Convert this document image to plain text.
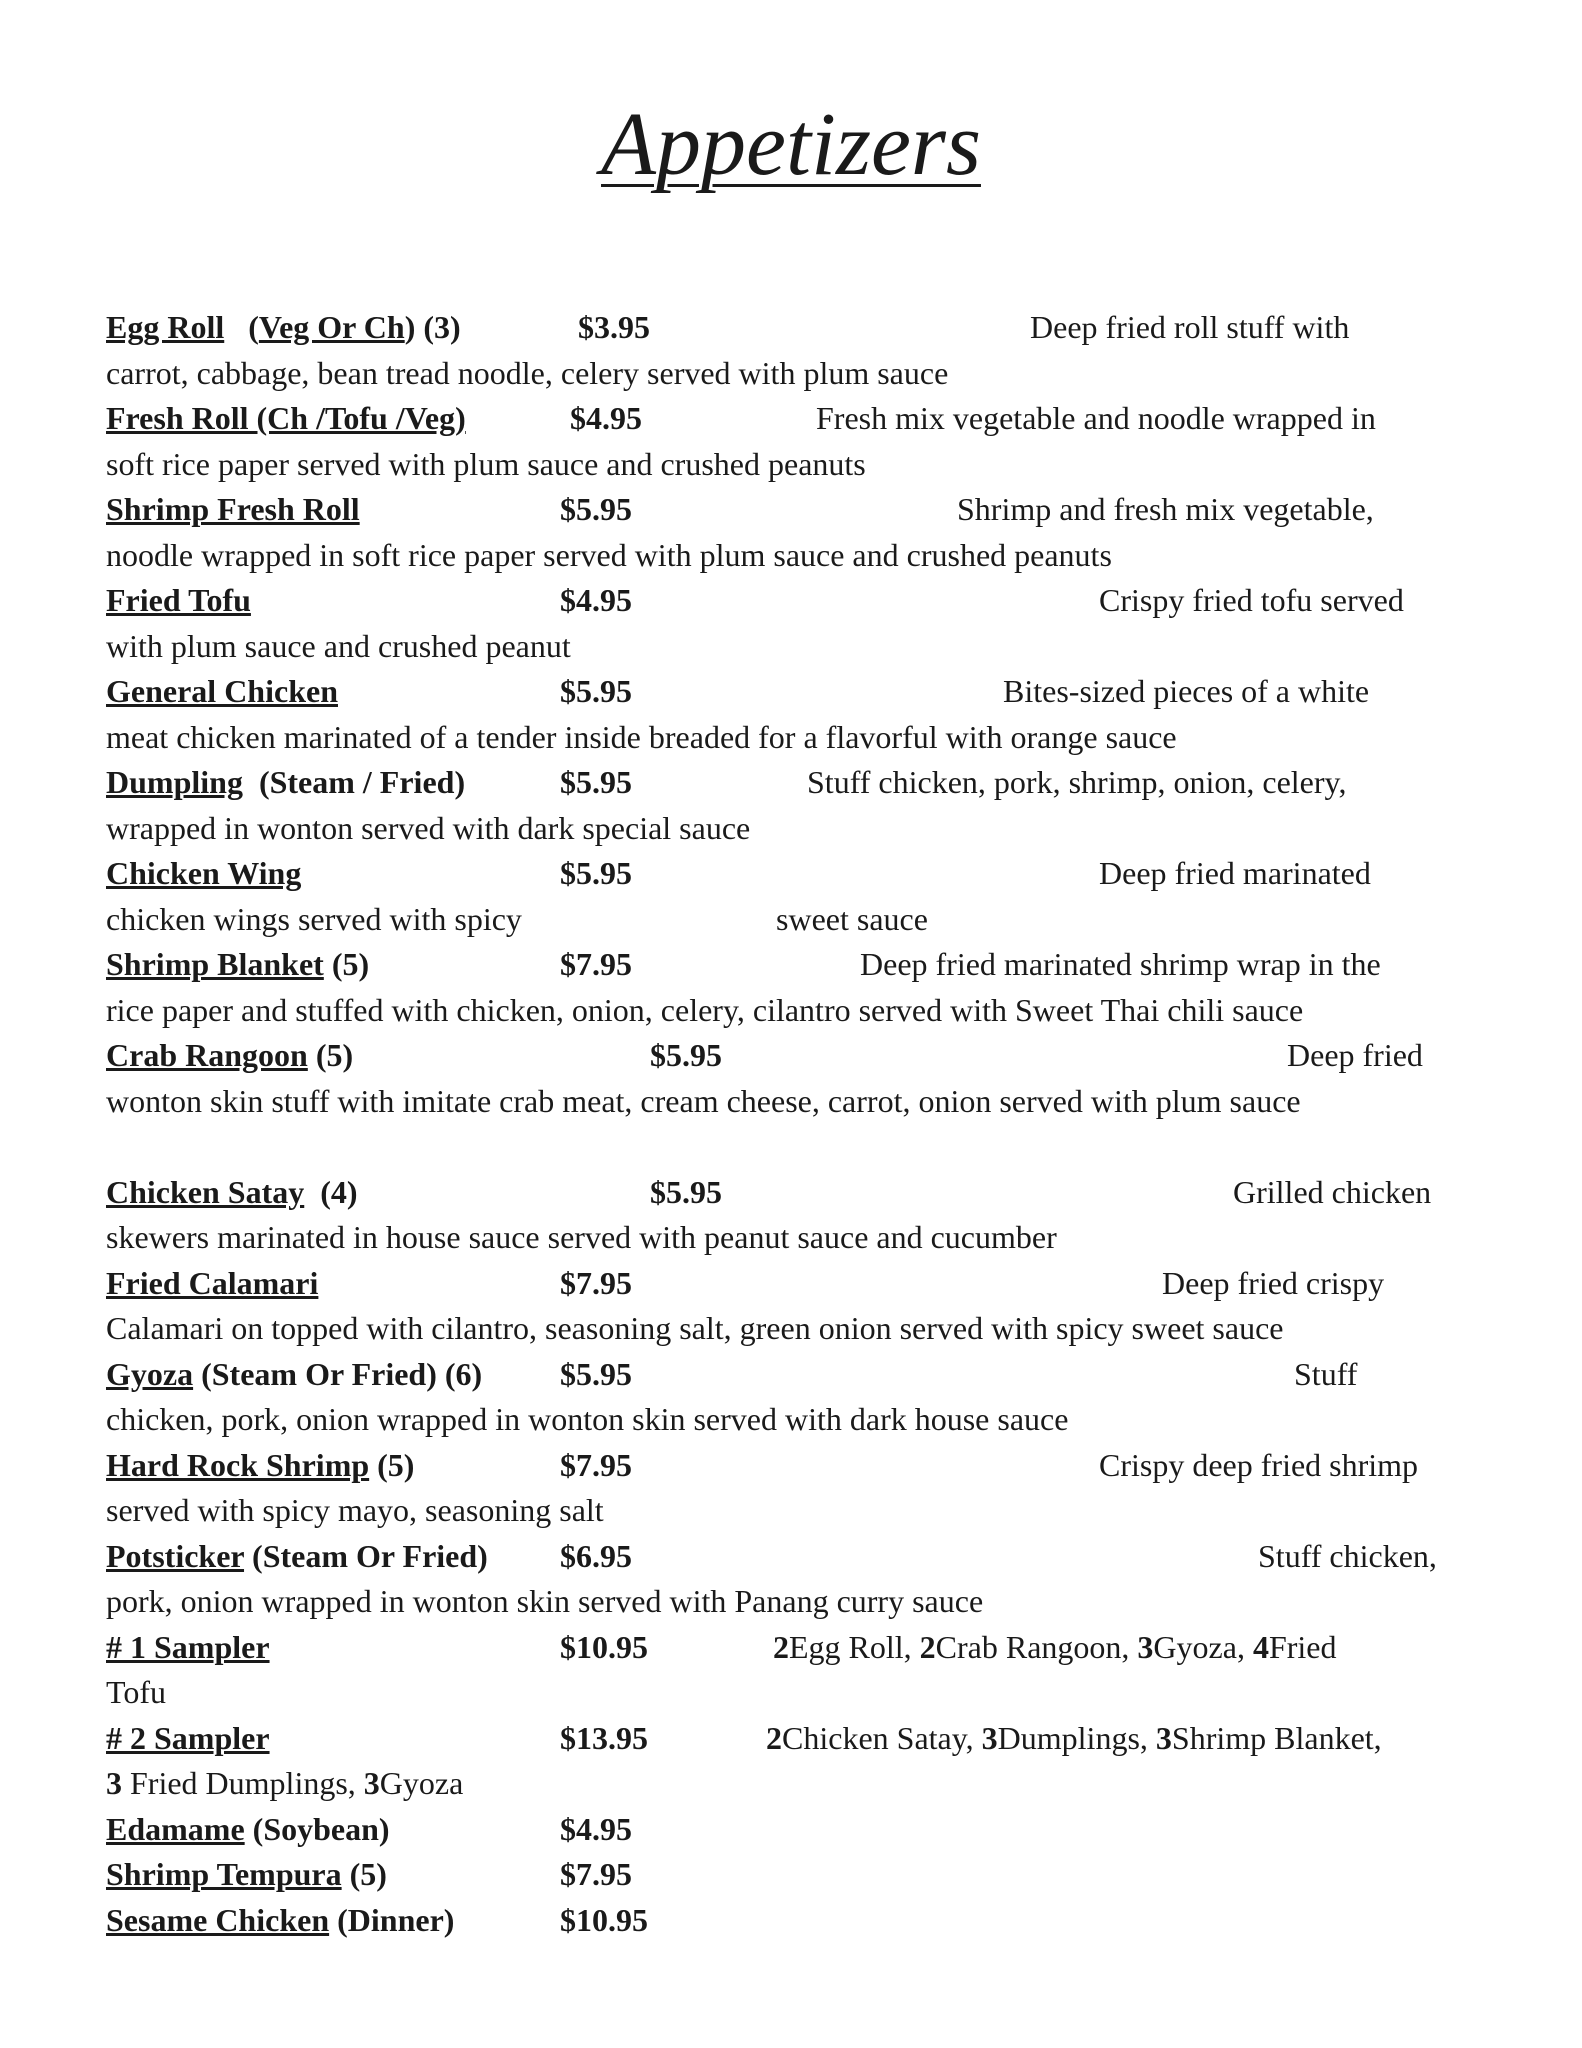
Appetizers
Egg Roll   (Veg Or Ch) (3)	$3.95	Deep fried roll stuff with
carrot, cabbage, bean tread noodle, celery served with plum sauce
Fresh Roll (Ch /Tofu /Veg)	$4.95	Fresh mix vegetable and noodle wrapped in
soft rice paper served with plum sauce and crushed peanuts
Shrimp Fresh Roll	$5.95	Shrimp and fresh mix vegetable,
noodle wrapped in soft rice paper served with plum sauce and crushed peanuts
Fried Tofu	$4.95	Crispy fried tofu served
with plum sauce and crushed peanut
General Chicken	$5.95	Bites-sized pieces of a white
meat chicken marinated of a tender inside breaded for a flavorful with orange sauce
Dumpling  (Steam / Fried)	$5.95	Stuff chicken, pork, shrimp, onion, celery,
wrapped in wonton served with dark special sauce
Chicken Wing	$5.95	Deep fried marinated
chicken wings served with spicy	sweet sauce
Shrimp Blanket (5)	$7.95	Deep fried marinated shrimp wrap in the
rice paper and stuffed with chicken, onion, celery, cilantro served with Sweet Thai chili sauce
Crab Rangoon (5)	$5.95	Deep fried
wonton skin stuff with imitate crab meat, cream cheese, carrot, onion served with plum sauce
Chicken Satay  (4)	$5.95	Grilled chicken
skewers marinated in house sauce served with peanut sauce and cucumber
Fried Calamari	$7.95	Deep fried crispy
Calamari on topped with cilantro, seasoning salt, green onion served with spicy sweet sauce
Gyoza (Steam Or Fried) (6) $5.95	Stuff
chicken, pork, onion wrapped in wonton skin served with dark house sauce
Hard Rock Shrimp (5)	$7.95	Crispy deep fried shrimp
served with spicy mayo, seasoning salt
Potsticker (Steam Or Fried) $6.95	Stuff chicken,
pork, onion wrapped in wonton skin served with Panang curry sauce
# 1 Sampler	$10.95	2Egg Roll, 2Crab Rangoon, 3Gyoza, 4Fried
Tofu
# 2 Sampler	$13.95	2Chicken Satay, 3Dumplings, 3Shrimp Blanket,
3 Fried Dumplings, 3Gyoza
Edamame (Soybean)	$4.95
Shrimp Tempura (5)	$7.95
Sesame Chicken (Dinner)	$10.95
